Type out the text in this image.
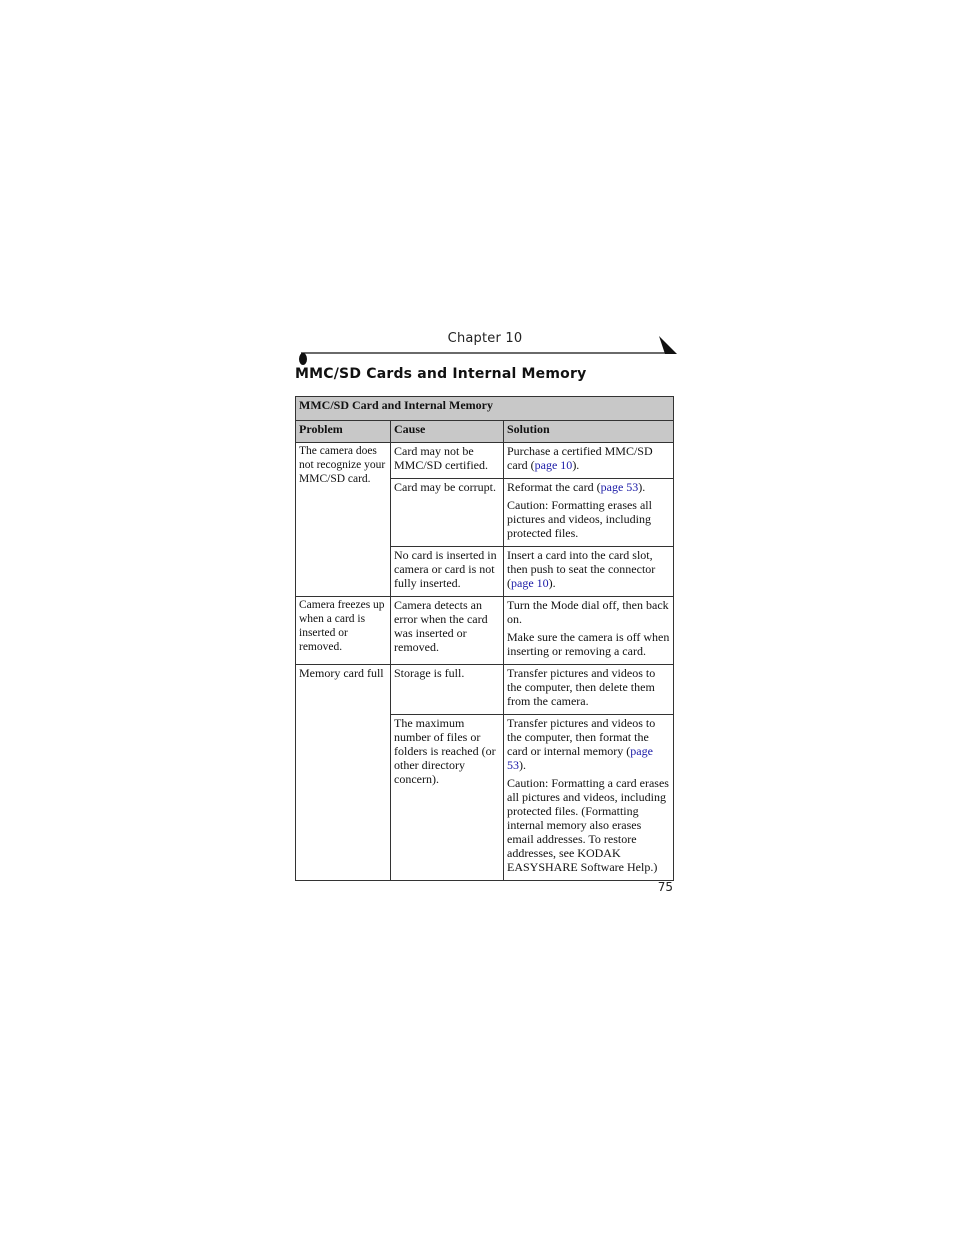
Chapter 10
MMC/SD Cards and Internal Memory
MMC/SD Card and Internal Memory		
Problem	Cause	Solution
The camera does not recognize your MMC/SD card.	Card may not be MMC/SD certified.	Purchase a certified MMC/SD card (page 10).
	Card may be corrupt.	Reformat the card (page 53).
Caution: Formatting erases all pictures and videos, including protected files.

	No card is inserted in camera or card is not fully inserted.	Insert a card into the card slot, then push to seat the connector (page 10).
Camera freezes up when a card is inserted or removed.	Camera detects an error when the card was inserted or removed.	Turn the Mode dial off, then back on.
Make sure the camera is off when inserting or removing a card.

Memory card full	Storage is full.	Transfer pictures and videos to the computer, then delete them from the camera.
	The maximum number of files or folders is reached (or other directory concern).	Transfer pictures and videos to the computer, then format the card or internal memory (page 53).
Caution: Formatting a card erases all pictures and videos, including protected files. (Formatting internal memory also erases email addresses. To restore addresses, see KODAK EASYSHARE Software Help.)
75
